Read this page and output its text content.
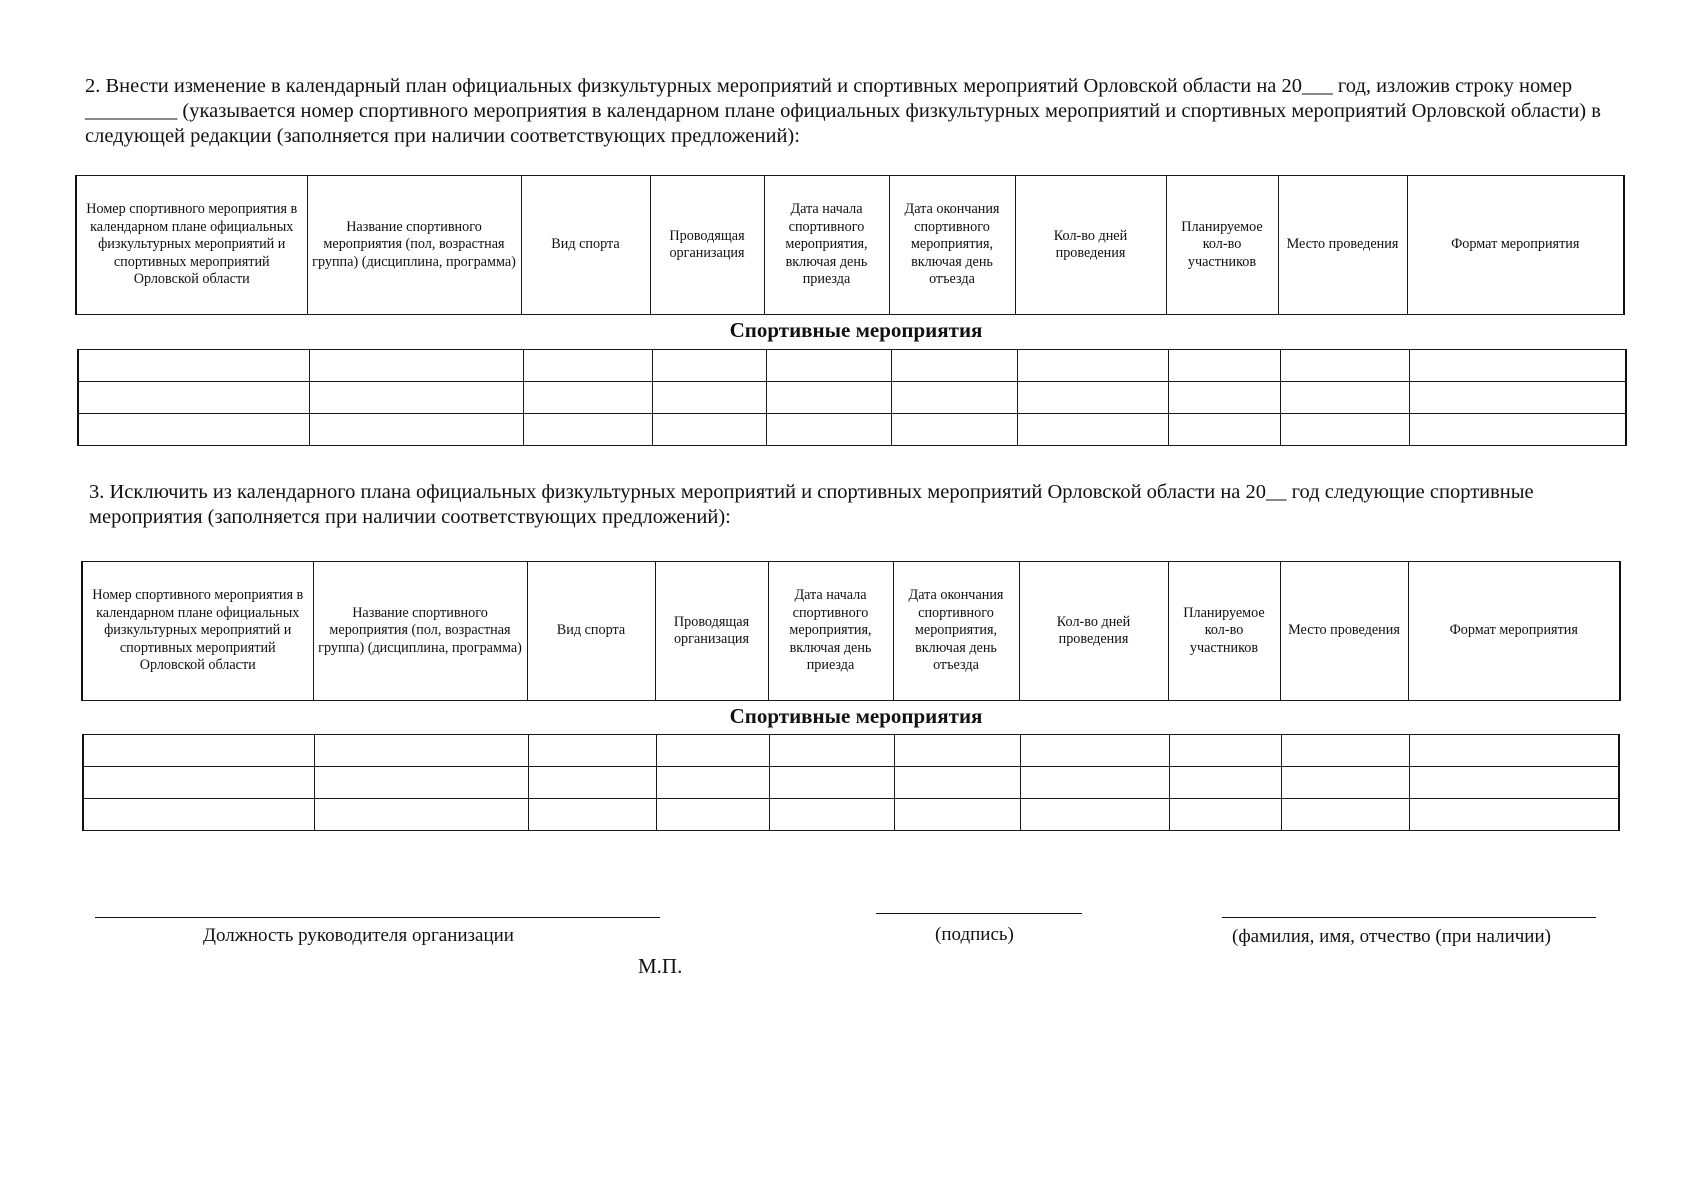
2. Внести изменение в календарный план официальных физкультурных мероприятий и спортивных мероприятий Орловской области на 20___ год, изложив строку номер _________ (указывается номер спортивного мероприятия в календарном плане официальных физкультурных мероприятий и спортивных мероприятий Орловской области) в следующей редакции (заполняется при наличии соответствующих предложений):

Номер спортивного мероприятия в календарном плане официальных физкультурных мероприятий и спортивных мероприятий Орловской области	Название спортивного мероприятия (пол, возрастная группа) (дисциплина, программа)	Вид спорта	Проводящая организация	Дата начала спортивного мероприятия, включая день приезда	Дата окончания спортивного мероприятия, включая день отъезда	Кол-во дней проведения	Планируемое кол-во участников	Место проведения	Формат мероприятия

Спортивные мероприятия

3. Исключить из календарного плана официальных физкультурных мероприятий и спортивных мероприятий Орловской области на 20__ год следующие спортивные мероприятия (заполняется при наличии соответствующих предложений):

Номер спортивного мероприятия в календарном плане официальных физкультурных мероприятий и спортивных мероприятий Орловской области	Название спортивного мероприятия (пол, возрастная группа) (дисциплина, программа)	Вид спорта	Проводящая организация	Дата начала спортивного мероприятия, включая день приезда	Дата окончания спортивного мероприятия, включая день отъезда	Кол-во дней проведения	Планируемое кол-во участников	Место проведения	Формат мероприятия

Спортивные мероприятия

Должность руководителя организации	(подпись)	(фамилия, имя, отчество (при наличии)

М.П.
